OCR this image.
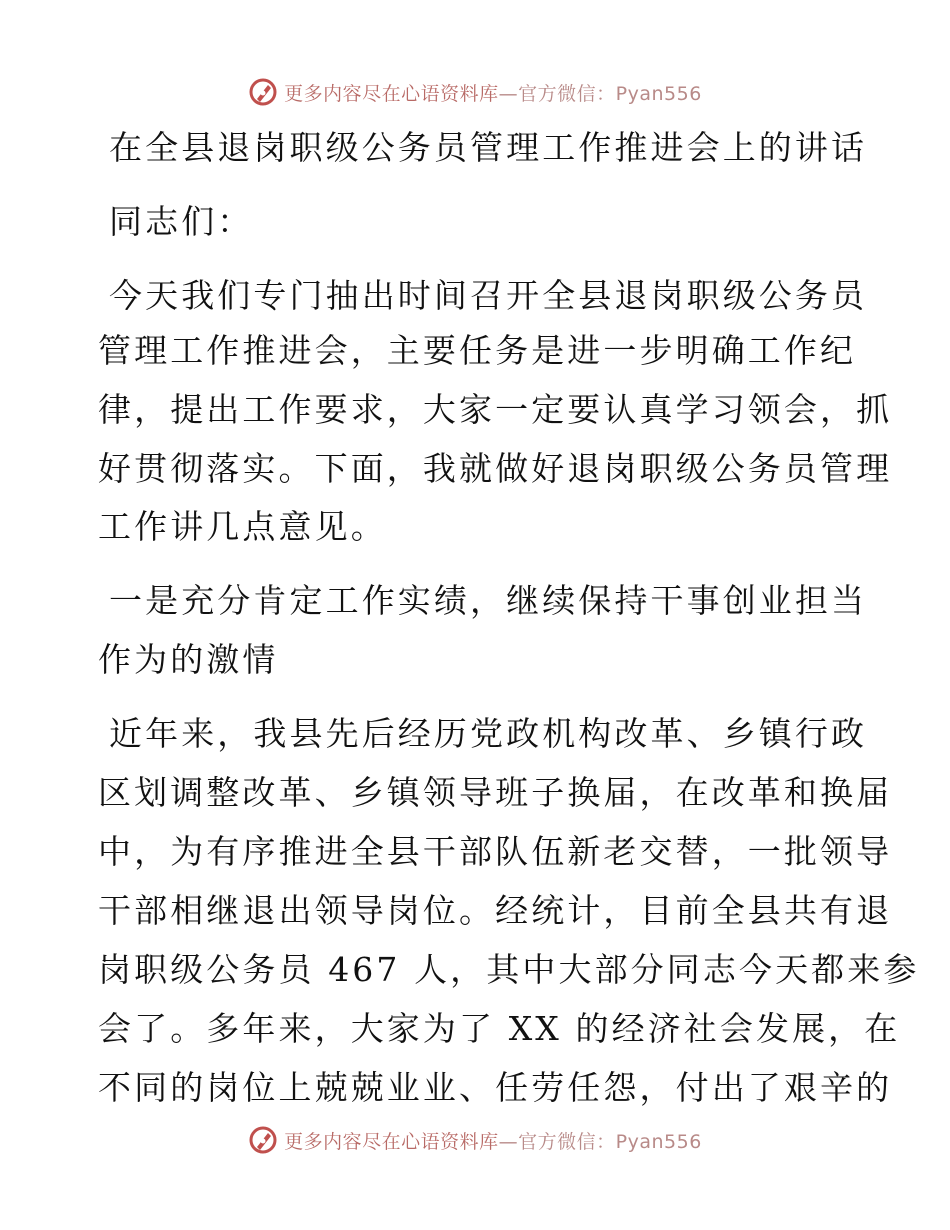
更多内容尽在心语资料库—官方微信：Pyan556
在全县退岗职级公务员管理工作推进会上的讲话
同志们：
今天我们专门抽出时间召开全县退岗职级公务员
管理工作推进会，主要任务是进一步明确工作纪
律，提出工作要求，大家一定要认真学习领会，抓
好贯彻落实。下面，我就做好退岗职级公务员管理
工作讲几点意见。
一是充分肯定工作实绩，继续保持干事创业担当
作为的激情
近年来，我县先后经历党政机构改革、乡镇行政
区划调整改革、乡镇领导班子换届，在改革和换届
中，为有序推进全县干部队伍新老交替，一批领导
干部相继退出领导岗位。经统计，目前全县共有退
岗职级公务员 467 人，其中大部分同志今天都来参
会了。多年来，大家为了 XX 的经济社会发展，在
不同的岗位上兢兢业业、任劳任怨，付出了艰辛的
更多内容尽在心语资料库—官方微信：Pyan556
